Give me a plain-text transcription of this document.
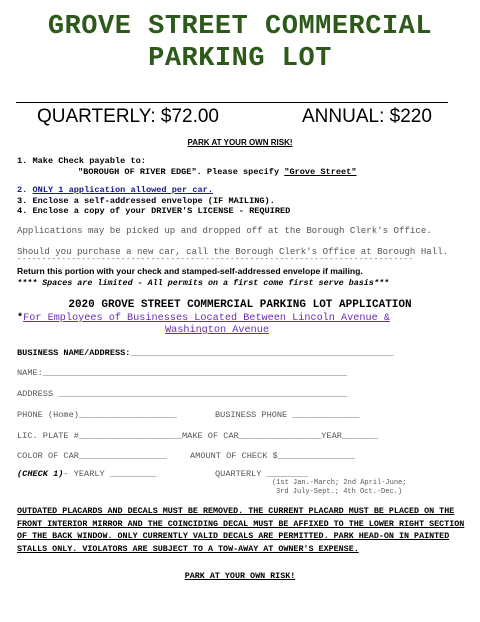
GROVE STREET COMMERCIAL
PARKING LOT
QUARTERLY: $72.00	ANNUAL: $220
PARK AT YOUR OWN RISK!
1. Make Check payable to:
"BOROUGH OF RIVER EDGE". Please specify "Grove Street"
2. ONLY 1 application allowed per car.
3. Enclose a self-addressed envelope (IF MAILING).
4. Enclose a copy of your DRIVER'S LICENSE - REQUIRED
Applications may be picked up and dropped off at the Borough Clerk's Office.
Should you purchase a new car, call the Borough Clerk's Office at Borough Hall.
--------------------------------------------------------------------------------
Return this portion with your check and stamped-self-addressed envelope if mailing.
**** Spaces are limited - All permits on a first come first serve basis***
2020 GROVE STREET COMMERCIAL PARKING LOT APPLICATION
*For Employees of Businesses Located Between Lincoln Avenue &
Washington Avenue
BUSINESS NAME/ADDRESS:___________________________________________________
NAME:___________________________________________________________
ADDRESS ________________________________________________________
PHONE (Home)___________________	BUSINESS PHONE _____________
LIC. PLATE #____________________MAKE OF CAR________________YEAR_______
COLOR OF CAR_________________	AMOUNT OF CHECK $_______________
(CHECK 1)- YEARLY _________	QUARTERLY ________
(1st Jan.-March; 2nd April-June;
3rd July-Sept.; 4th Oct.-Dec.)
OUTDATED PLACARDS AND DECALS MUST BE REMOVED. THE CURRENT PLACARD MUST BE PLACED ON THE FRONT INTERIOR MIRROR AND THE COINCIDING DECAL MUST BE AFFIXED TO THE LOWER RIGHT SECTION OF THE BACK WINDOW. ONLY CURRENTLY VALID DECALS ARE PERMITTED. PARK HEAD-ON IN PAINTED STALLS ONLY. VIOLATORS ARE SUBJECT TO A TOW-AWAY AT OWNER'S EXPENSE.
PARK AT YOUR OWN RISK!
